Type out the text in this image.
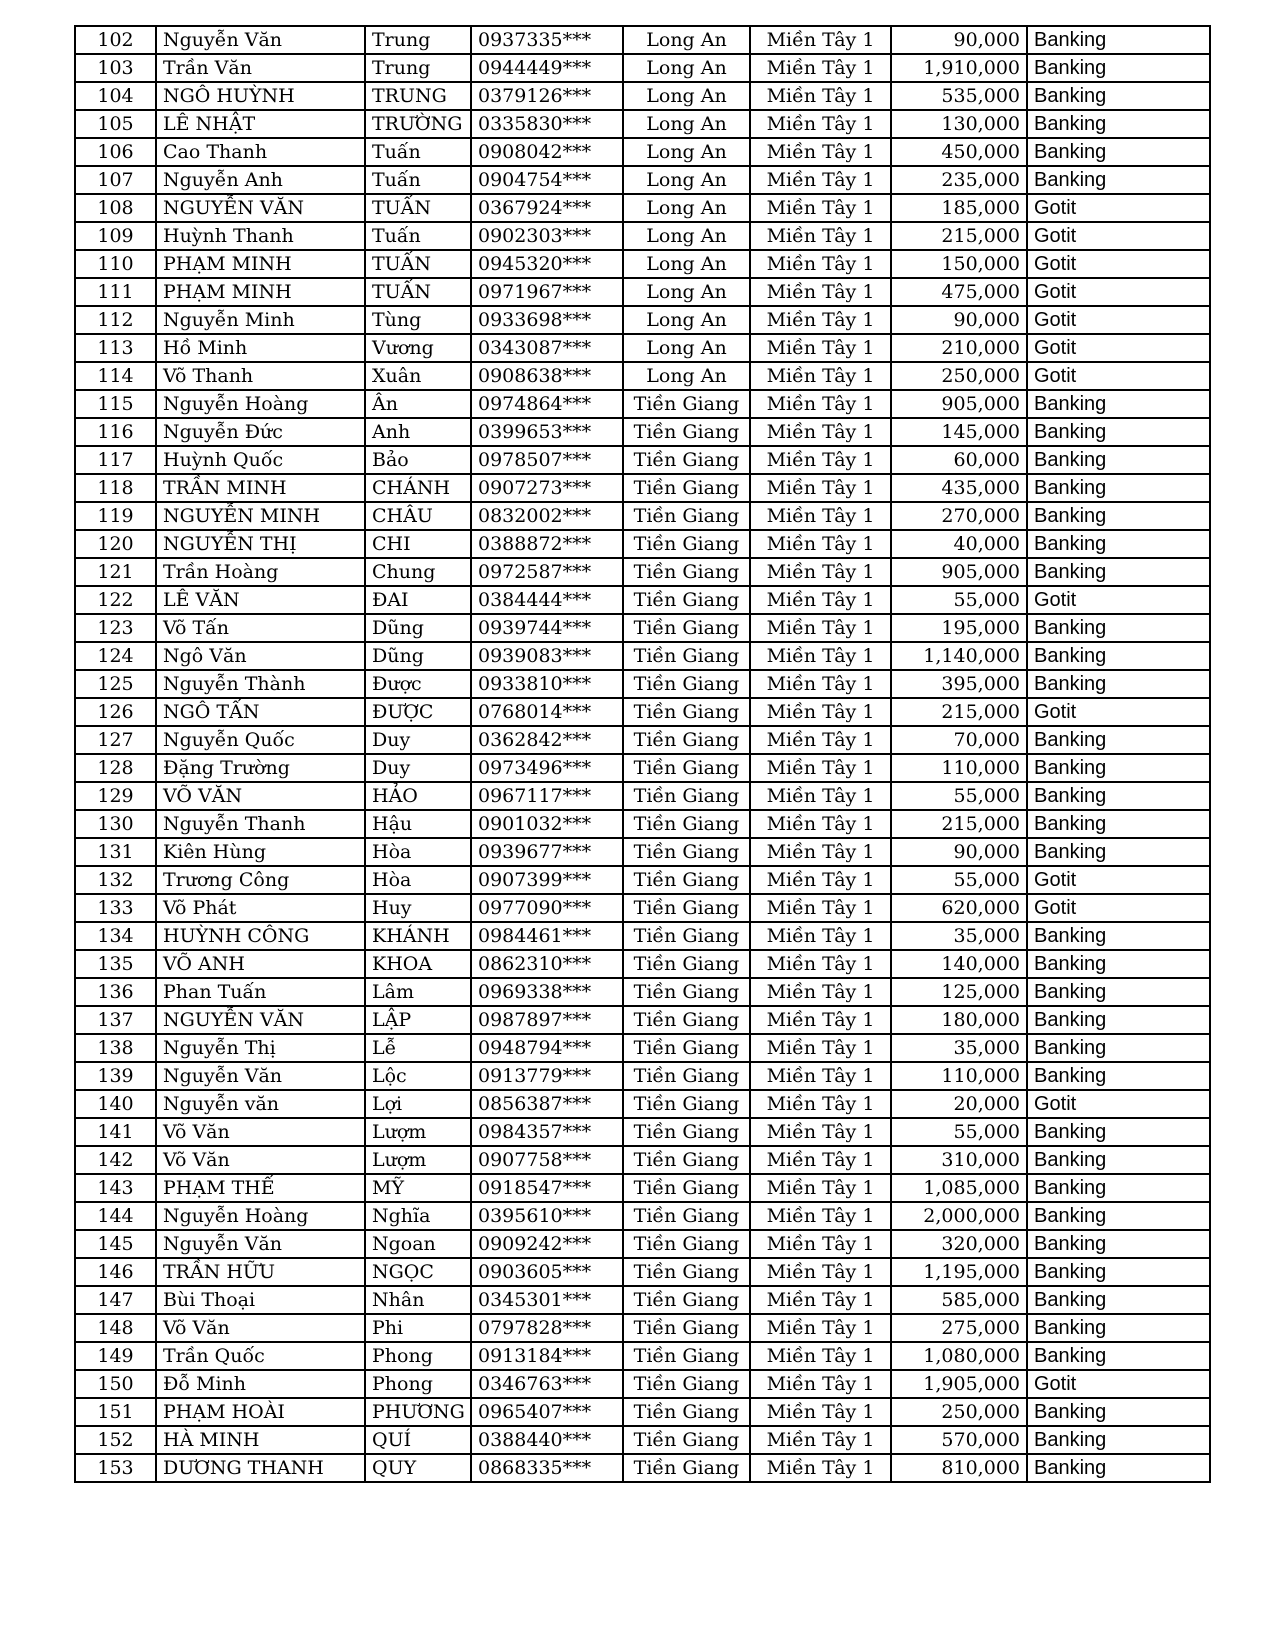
102	Nguyễn Văn	Trung	0937335***	Long An	Miền Tây 1	90,000	Banking
103	Trần Văn	Trung	0944449***	Long An	Miền Tây 1	1,910,000	Banking
104	NGÔ HUỲNH	TRUNG	0379126***	Long An	Miền Tây 1	535,000	Banking
105	LÊ NHẬT	TRƯỜNG	0335830***	Long An	Miền Tây 1	130,000	Banking
106	Cao Thanh	Tuấn	0908042***	Long An	Miền Tây 1	450,000	Banking
107	Nguyễn Anh	Tuấn	0904754***	Long An	Miền Tây 1	235,000	Banking
108	NGUYỄN VĂN	TUẤN	0367924***	Long An	Miền Tây 1	185,000	Gotit
109	Huỳnh Thanh	Tuấn	0902303***	Long An	Miền Tây 1	215,000	Gotit
110	PHẠM MINH	TUẤN	0945320***	Long An	Miền Tây 1	150,000	Gotit
111	PHẠM MINH	TUẤN	0971967***	Long An	Miền Tây 1	475,000	Gotit
112	Nguyễn Minh	Tùng	0933698***	Long An	Miền Tây 1	90,000	Gotit
113	Hồ Minh	Vương	0343087***	Long An	Miền Tây 1	210,000	Gotit
114	Võ Thanh	Xuân	0908638***	Long An	Miền Tây 1	250,000	Gotit
115	Nguyễn Hoàng	Ân	0974864***	Tiền Giang	Miền Tây 1	905,000	Banking
116	Nguyễn Đức	Anh	0399653***	Tiền Giang	Miền Tây 1	145,000	Banking
117	Huỳnh Quốc	Bảo	0978507***	Tiền Giang	Miền Tây 1	60,000	Banking
118	TRẦN MINH	CHÁNH	0907273***	Tiền Giang	Miền Tây 1	435,000	Banking
119	NGUYỄN MINH	CHÂU	0832002***	Tiền Giang	Miền Tây 1	270,000	Banking
120	NGUYỄN THỊ	CHI	0388872***	Tiền Giang	Miền Tây 1	40,000	Banking
121	Trần Hoàng	Chung	0972587***	Tiền Giang	Miền Tây 1	905,000	Banking
122	LÊ VĂN	ĐAI	0384444***	Tiền Giang	Miền Tây 1	55,000	Gotit
123	Võ Tấn	Dũng	0939744***	Tiền Giang	Miền Tây 1	195,000	Banking
124	Ngô Văn	Dũng	0939083***	Tiền Giang	Miền Tây 1	1,140,000	Banking
125	Nguyễn Thành	Được	0933810***	Tiền Giang	Miền Tây 1	395,000	Banking
126	NGÔ TẤN	ĐƯỢC	0768014***	Tiền Giang	Miền Tây 1	215,000	Gotit
127	Nguyễn Quốc	Duy	0362842***	Tiền Giang	Miền Tây 1	70,000	Banking
128	Đặng Trường	Duy	0973496***	Tiền Giang	Miền Tây 1	110,000	Banking
129	VÕ VĂN	HẢO	0967117***	Tiền Giang	Miền Tây 1	55,000	Banking
130	Nguyễn Thanh	Hậu	0901032***	Tiền Giang	Miền Tây 1	215,000	Banking
131	Kiên Hùng	Hòa	0939677***	Tiền Giang	Miền Tây 1	90,000	Banking
132	Trương Công	Hòa	0907399***	Tiền Giang	Miền Tây 1	55,000	Gotit
133	Võ Phát	Huy	0977090***	Tiền Giang	Miền Tây 1	620,000	Gotit
134	HUỲNH CÔNG	KHÁNH	0984461***	Tiền Giang	Miền Tây 1	35,000	Banking
135	VÕ ANH	KHOA	0862310***	Tiền Giang	Miền Tây 1	140,000	Banking
136	Phan Tuấn	Lâm	0969338***	Tiền Giang	Miền Tây 1	125,000	Banking
137	NGUYỄN VĂN	LẬP	0987897***	Tiền Giang	Miền Tây 1	180,000	Banking
138	Nguyễn Thị	Lễ	0948794***	Tiền Giang	Miền Tây 1	35,000	Banking
139	Nguyễn Văn	Lộc	0913779***	Tiền Giang	Miền Tây 1	110,000	Banking
140	Nguyễn văn	Lợi	0856387***	Tiền Giang	Miền Tây 1	20,000	Gotit
141	Võ Văn	Lượm	0984357***	Tiền Giang	Miền Tây 1	55,000	Banking
142	Võ Văn	Lượm	0907758***	Tiền Giang	Miền Tây 1	310,000	Banking
143	PHẠM THẾ	MỸ	0918547***	Tiền Giang	Miền Tây 1	1,085,000	Banking
144	Nguyễn Hoàng	Nghĩa	0395610***	Tiền Giang	Miền Tây 1	2,000,000	Banking
145	Nguyễn Văn	Ngoan	0909242***	Tiền Giang	Miền Tây 1	320,000	Banking
146	TRẦN HỮU	NGỌC	0903605***	Tiền Giang	Miền Tây 1	1,195,000	Banking
147	Bùi Thoại	Nhân	0345301***	Tiền Giang	Miền Tây 1	585,000	Banking
148	Võ Văn	Phi	0797828***	Tiền Giang	Miền Tây 1	275,000	Banking
149	Trần Quốc	Phong	0913184***	Tiền Giang	Miền Tây 1	1,080,000	Banking
150	Đỗ Minh	Phong	0346763***	Tiền Giang	Miền Tây 1	1,905,000	Gotit
151	PHẠM HOÀI	PHƯƠNG	0965407***	Tiền Giang	Miền Tây 1	250,000	Banking
152	HÀ MINH	QUÍ	0388440***	Tiền Giang	Miền Tây 1	570,000	Banking
153	DƯƠNG THANH	QUY	0868335***	Tiền Giang	Miền Tây 1	810,000	Banking
